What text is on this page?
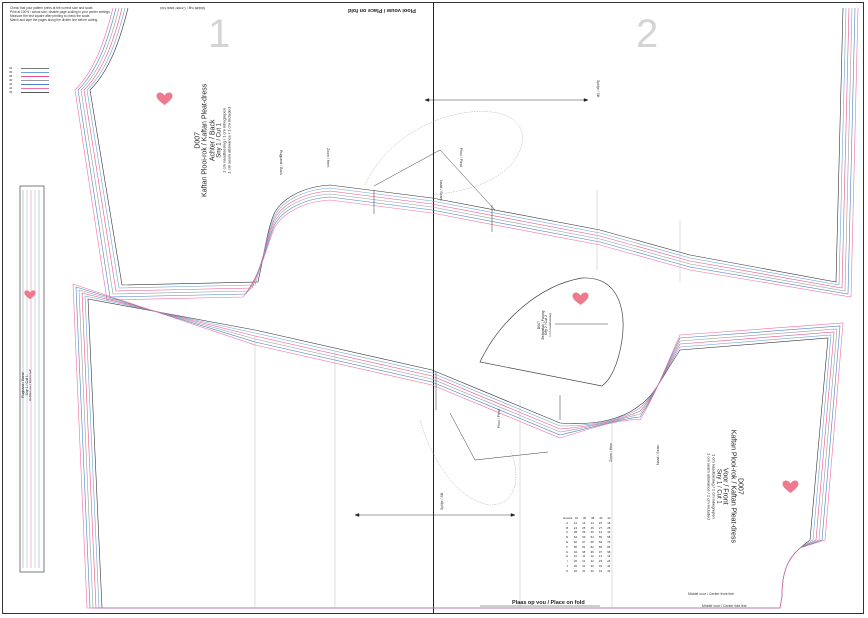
1	2
Check that your pattern prints at the correct size and scale.
Print at 100% / actual size; disable page scaling in your printer settings.
Measure the test square after printing to check the scale.
Match and tape the pages along the divider line before cutting.
34
36
38
40
42
44
46
D007 Kaftan Plooi-rok / Kaftan Pleat-dress Achter / Back Sny 1 / Cut 1 1 cm naadtoeslag / 1 cm inbegrepen 1 cm seam allowance / 1 cm included
D007
Kaftan Plooi-rok / Kaftan Pleat-dress
Voor / Front
Sny 1 / Cut 1
1 cm naadtoeslag / 1 cm inbegrepen
1 cm seam allowance / 1 cm included
D007 Belegstuk / Facing Sny 2 / Cut 2 1 cm naadtoeslag
Rugband / Band Sny 1 / Cut 1 Dubbel vou / fold in half
Plooi vouw / Place on fold
Plaas op vou / Place on fold
Middel rug / Center back fold
Middel voor / Center front line
Middel voor / Center fold line
Rugpand / Back	Zoom / Hem
Naad / Seam
Plooi / Pleat
Splitje / Slit
Plooi / Pleat
Zoom / Hem	Naad / Seam
Splitje / Slit
Grootte 34	36	38	40	42
A	12	13	14	15	16
B	24	25	26	27	28
C	38	39	40	41	42
D	52	53	54	55	56
E	66	67	68	69	70
F	80	81	82	83	84
G	94	95	96	97	98
H	10	11	12	13	14
I	20	21	22	23	24
J	30	31	32	33	34
K	40	41	42	43	44
